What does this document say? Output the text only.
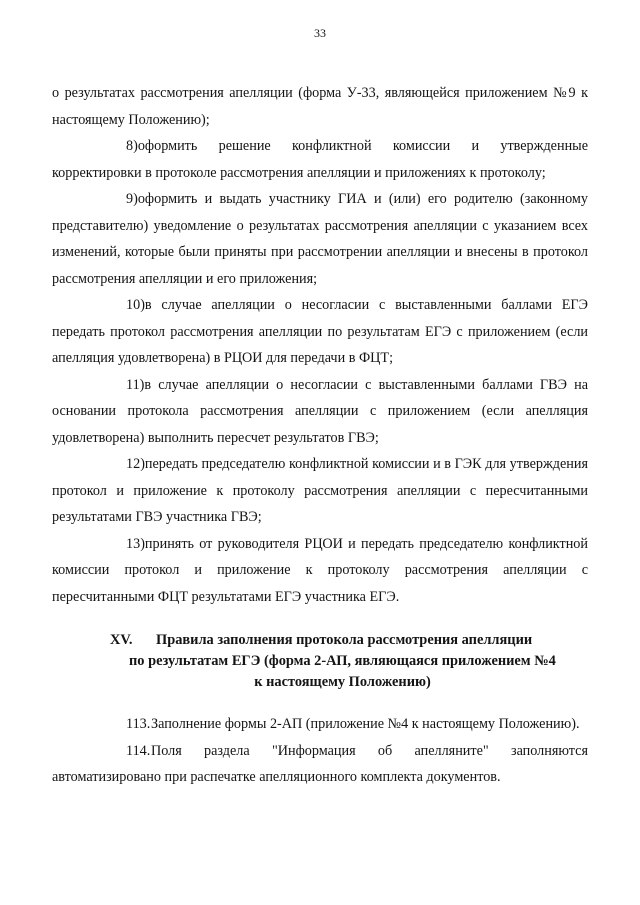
33

о результатах рассмотрения апелляции (форма У-33, являющейся приложением №9 к настоящему Положению);

8)оформить решение конфликтной комиссии и утвержденные корректировки в протоколе рассмотрения апелляции и приложениях к протоколу;

9)оформить и выдать участнику ГИА и (или) его родителю (законному представителю) уведомление о результатах рассмотрения апелляции с указанием всех изменений, которые были приняты при рассмотрении апелляции и внесены в протокол рассмотрения апелляции и его приложения;

10)в случае апелляции о несогласии с выставленными баллами ЕГЭ передать протокол рассмотрения апелляции по результатам ЕГЭ с приложением (если апелляция удовлетворена) в РЦОИ для передачи в ФЦТ;

11)в случае апелляции о несогласии с выставленными баллами ГВЭ на основании протокола рассмотрения апелляции с приложением (если апелляция удовлетворена) выполнить пересчет результатов ГВЭ;

12)передать председателю конфликтной комиссии и в ГЭК для утверждения протокол и приложение к протоколу рассмотрения апелляции с пересчитанными результатами ГВЭ участника ГВЭ;

13)принять от руководителя РЦОИ и передать председателю конфликтной комиссии протокол и приложение к протоколу рассмотрения апелляции с пересчитанными ФЦТ результатами ЕГЭ участника ЕГЭ.

XV. Правила заполнения протокола рассмотрения апелляции
по результатам ЕГЭ (форма 2-АП, являющаяся приложением №4
к настоящему Положению)

113.Заполнение формы 2-АП (приложение №4 к настоящему Положению).

114.Поля раздела "Информация об апелляните" заполняются автоматизировано при распечатке апелляционного комплекта документов.
